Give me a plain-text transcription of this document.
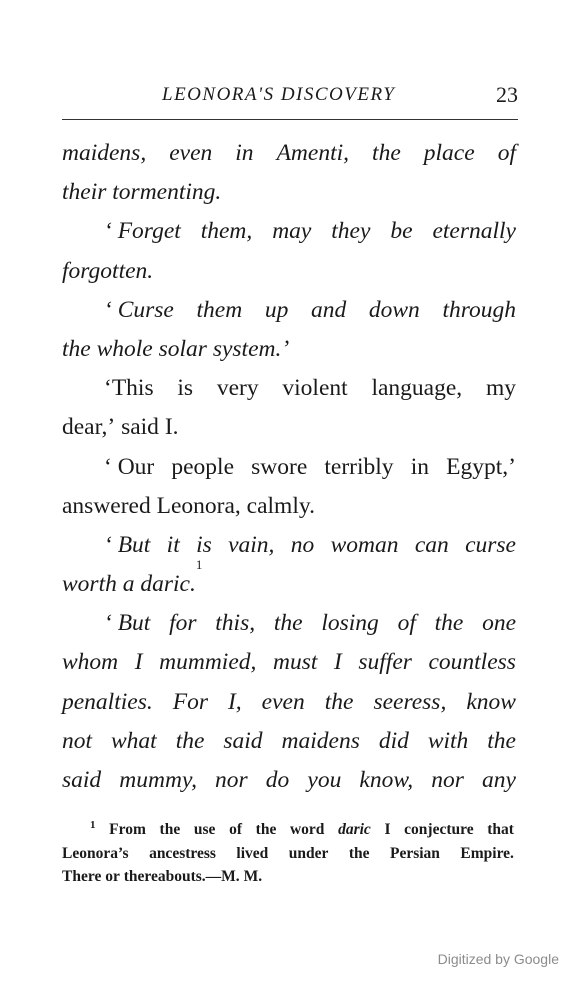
LEONORA'S DISCOVERY	23
maidens, even in Amenti, the place of
their
tormenting.
‘ Forget them, may they be eternally
forgotten.
‘ Curse them up and down through
the
whole
solar
system.’
‘This is very violent language, my
dear,’
said
I.
‘ Our people swore terribly in Egypt,’
answered
Leonora,
calmly.
‘ But it is vain, no woman can curse
worth
a
daric.
1
‘ But for this, the losing of the one
whom I mummied, must I suffer countless
penalties. For I, even the seeress, know
not what the said maidens did with the
said mummy, nor do you know, nor any
$^1$ From the use of the word daric I conjecture that
Leonora’s ancestress lived under the Persian Empire.
There
or
thereabouts.—M.
M.
Digitized by Google
